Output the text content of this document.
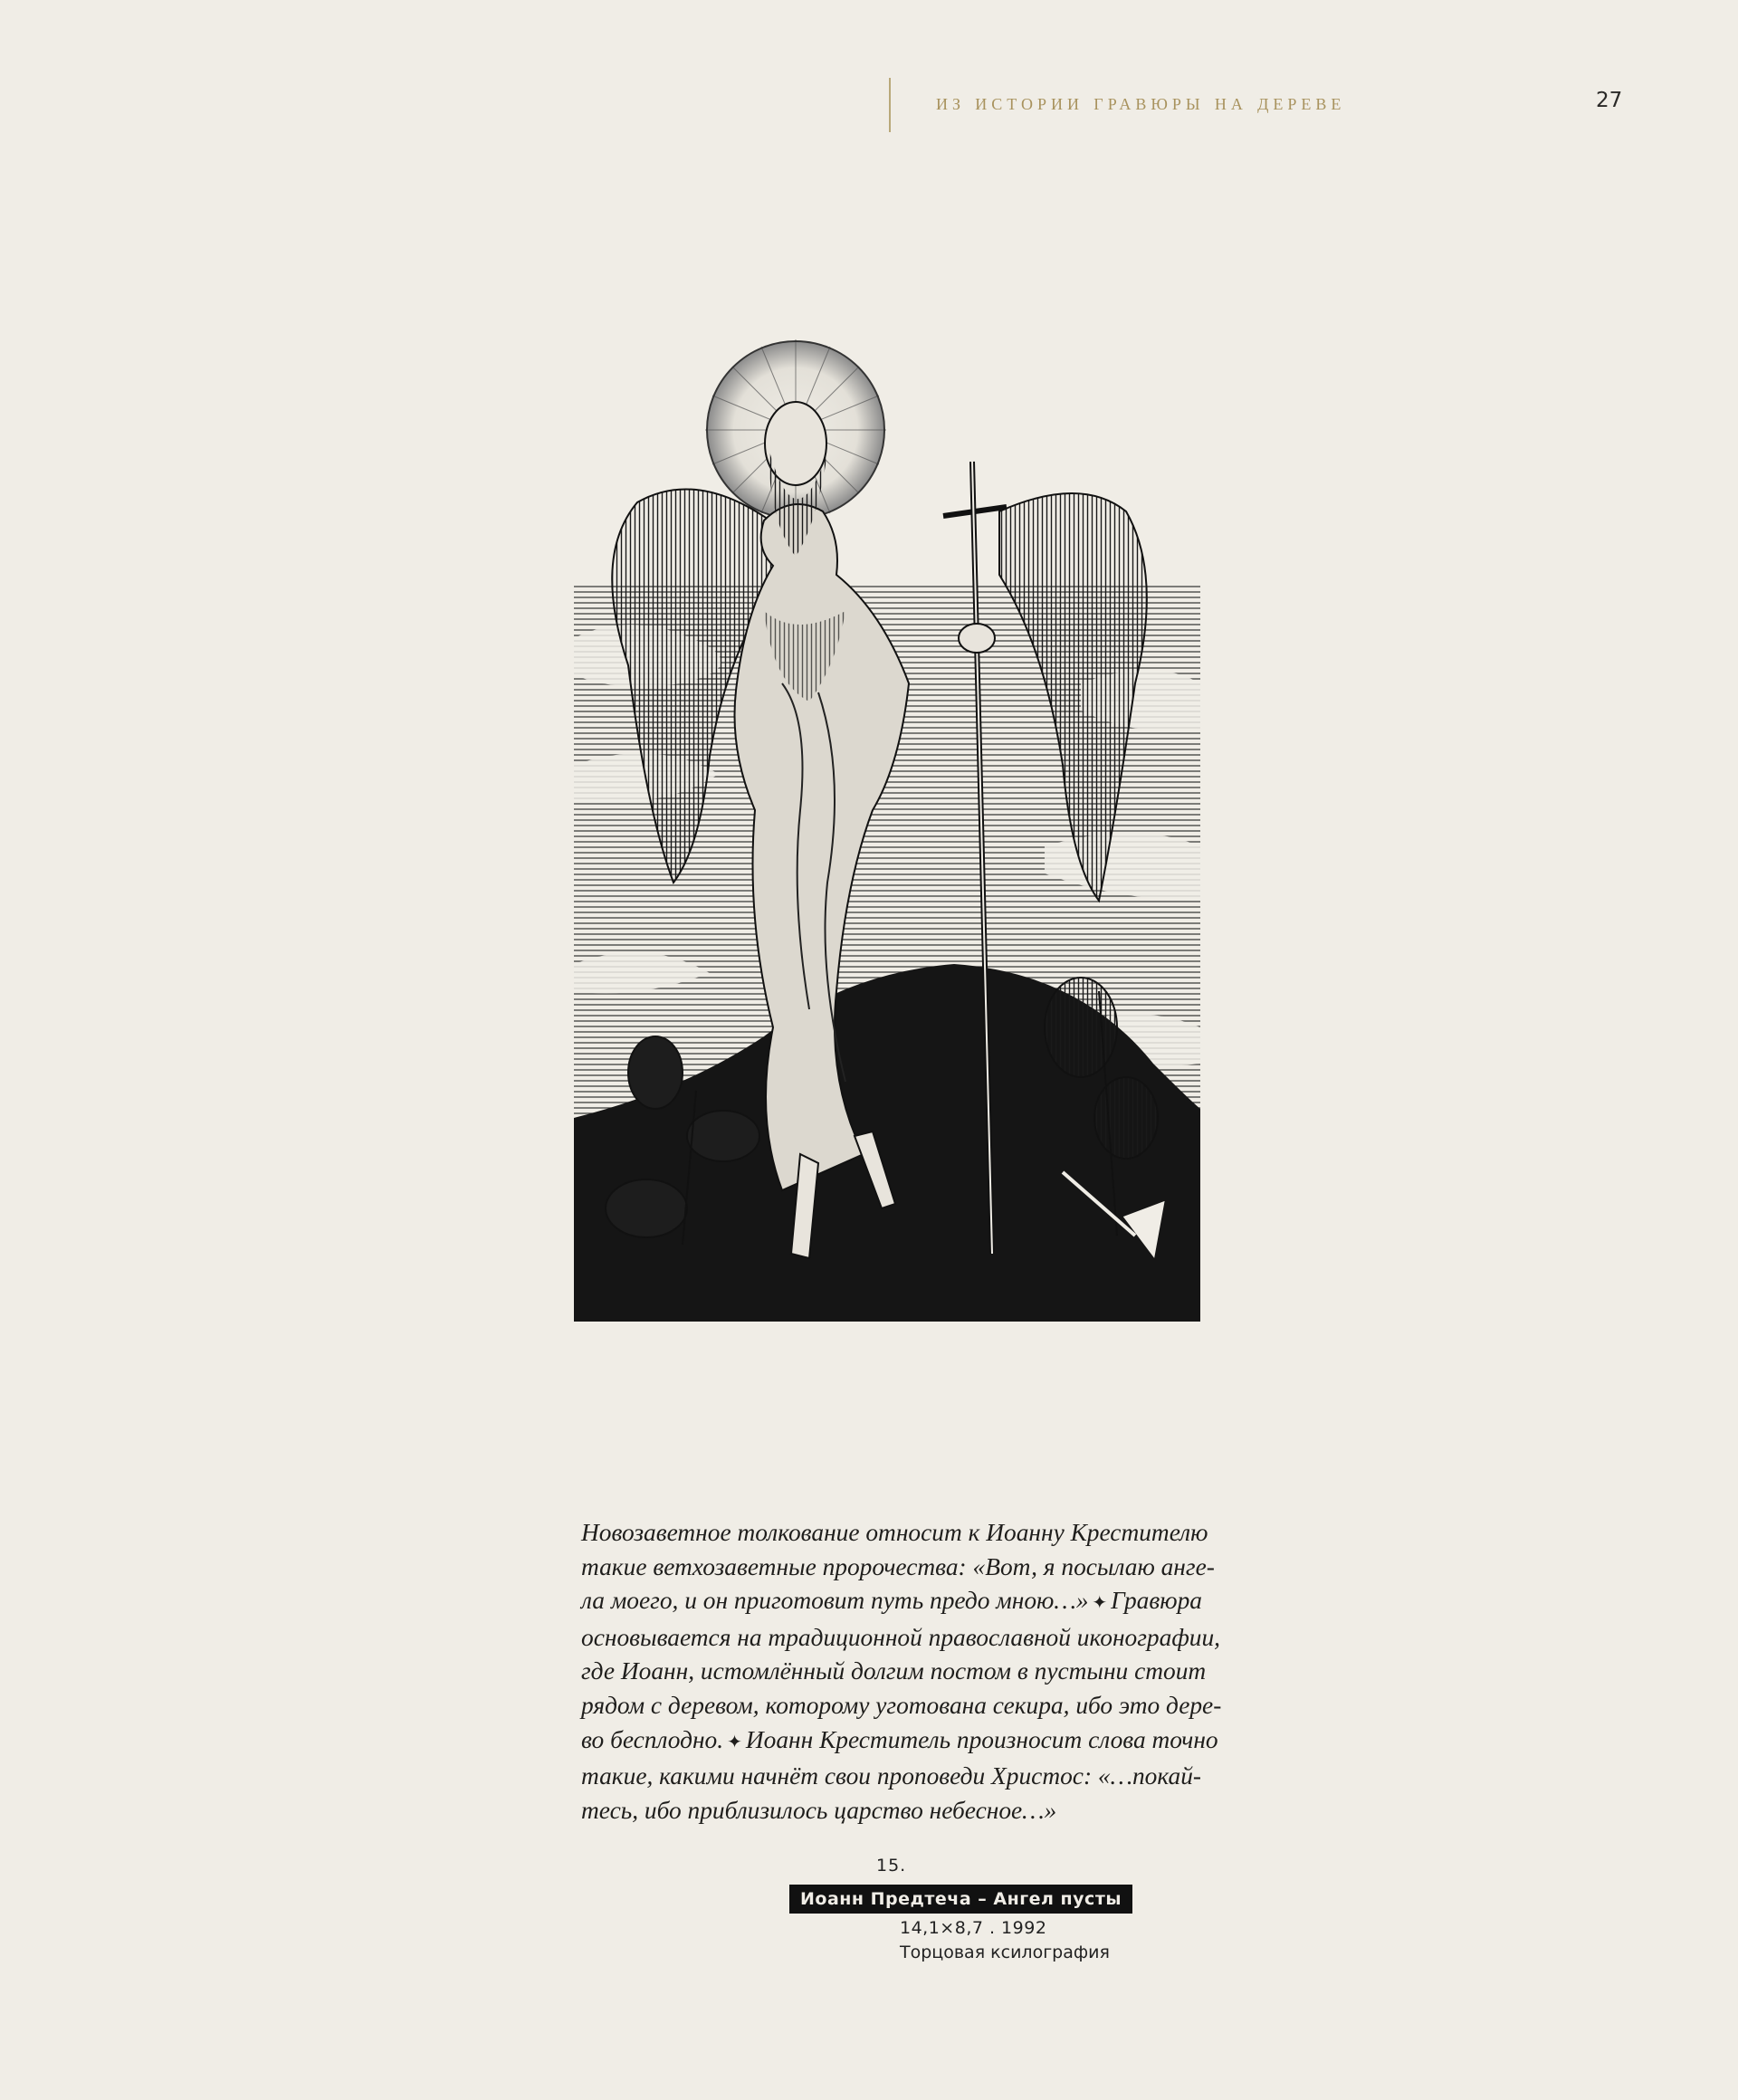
из истории гравюры на дереве	27
Новозаветное толкование относит к Иоанну Крестителю
такие ветхозаветные пророчества: «Вот, я посылаю анге-
ла моего, и он приготовит путь предо мною…» ✦ Гравюра
основывается на традиционной православной иконографии,
где Иоанн, истомлённый долгим постом в пустыни стоит
рядом с деревом, которому уготована секира, ибо это дере-
во бесплодно. ✦ Иоанн Креститель произносит слова точно
такие, какими начнёт свои проповеди Христос: «…покай-
тесь, ибо приблизилось царство небесное…»
15.
Иоанн Предтеча – Ангел пусты
14,1×8,7 . 1992
Торцовая ксилография
